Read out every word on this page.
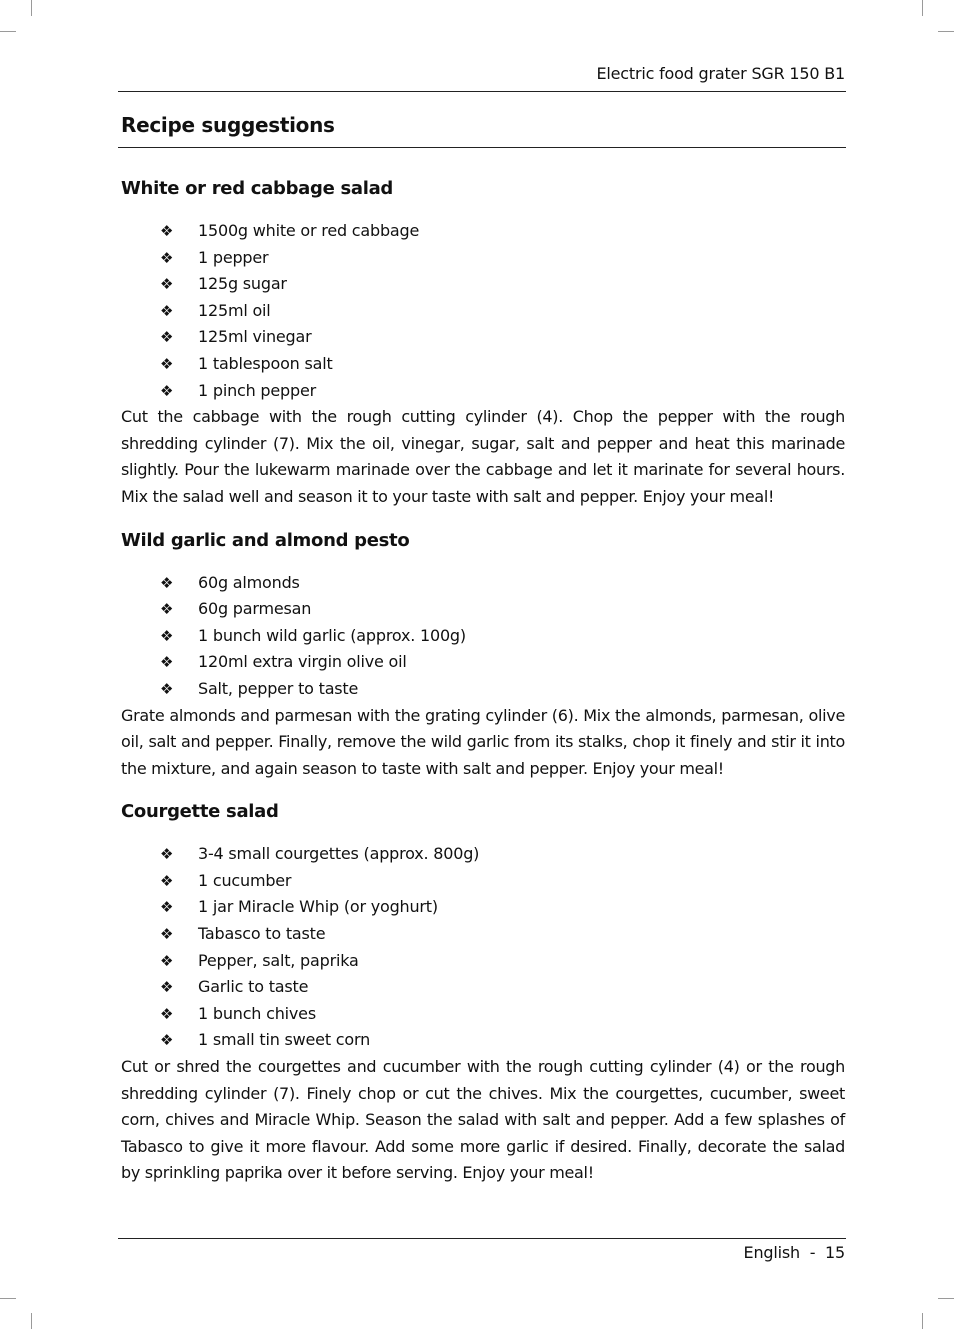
Electric food grater SGR 150 B1
Recipe suggestions
White or red cabbage salad
❖ 1500g white or red cabbage
❖ 1 pepper
❖ 125g sugar
❖ 125ml oil
❖ 125ml vinegar
❖ 1 tablespoon salt
❖ 1 pinch pepper

Cut the cabbage with the rough cutting cylinder (4). Chop the pepper with the rough shredding cylinder (7). Mix the oil, vinegar, sugar, salt and pepper and heat this marinade slightly. Pour the lukewarm marinade over the cabbage and let it marinate for several hours. Mix the salad well and season it to your taste with salt and pepper. Enjoy your meal!

Wild garlic and almond pesto
❖ 60g almonds
❖ 60g parmesan
❖ 1 bunch wild garlic (approx. 100g)
❖ 120ml extra virgin olive oil
❖ Salt, pepper to taste

Grate almonds and parmesan with the grating cylinder (6). Mix the almonds, parmesan, olive oil, salt and pepper. Finally, remove the wild garlic from its stalks, chop it finely and stir it into the mixture, and again season to taste with salt and pepper. Enjoy your meal!

Courgette salad
❖ 3-4 small courgettes (approx. 800g)
❖ 1 cucumber
❖ 1 jar Miracle Whip (or yoghurt)
❖ Tabasco to taste
❖ Pepper, salt, paprika
❖ Garlic to taste
❖ 1 bunch chives
❖ 1 small tin sweet corn

Cut or shred the courgettes and cucumber with the rough cutting cylinder (4) or the rough shredding cylinder (7). Finely chop or cut the chives. Mix the courgettes, cucumber, sweet corn, chives and Miracle Whip. Season the salad with salt and pepper. Add a few splashes of Tabasco to give it more flavour. Add some more garlic if desired. Finally, decorate the salad by sprinkling paprika over it before serving. Enjoy your meal!

English  -  15
